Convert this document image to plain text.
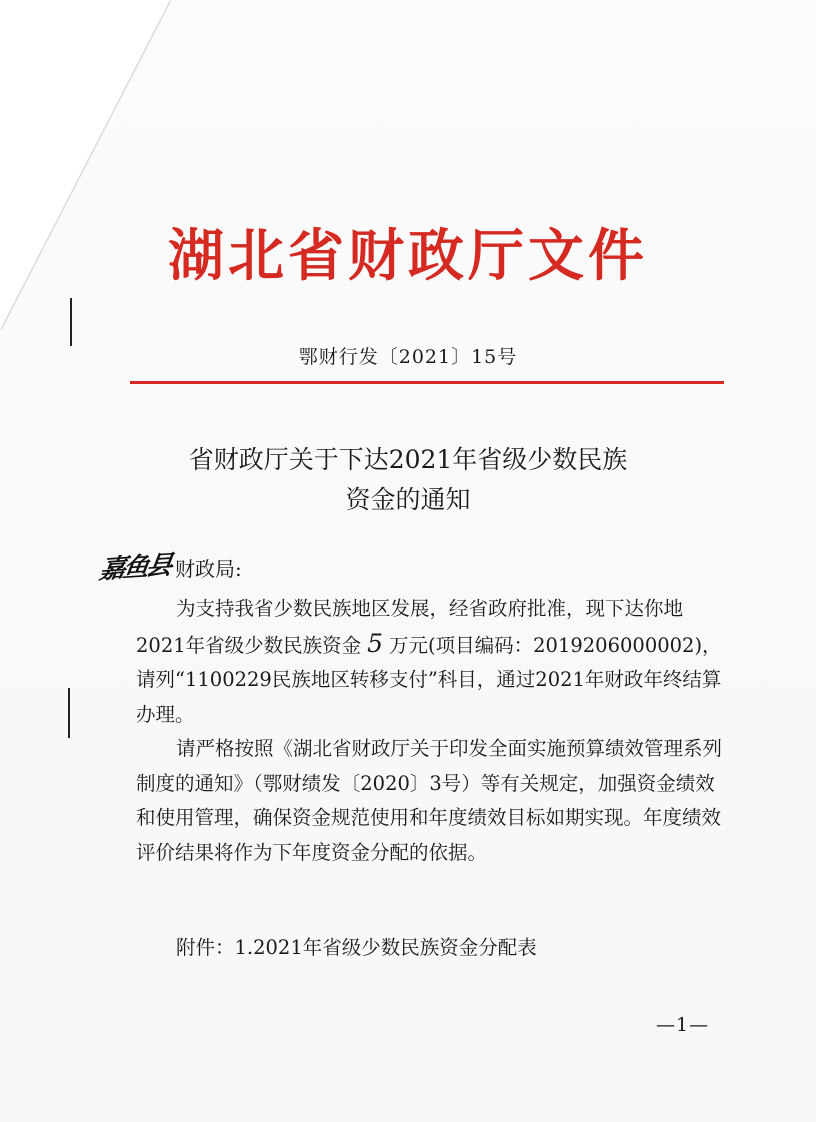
湖北省财政厅文件
鄂财行发〔2021〕15号
省财政厅关于下达2021年省级少数民族
资金的通知
嘉鱼县 财政局:

为支持我省少数民族地区发展，经省政府批准，现下达你地2021年省级少数民族资金 5 万元(项目编码：2019206000002)，请列“1100229民族地区转移支付”科目，通过2021年财政年终结算办理。

请严格按照《湖北省财政厅关于印发全面实施预算绩效管理系列制度的通知》（鄂财绩发〔2020〕3号）等有关规定，加强资金绩效和使用管理，确保资金规范使用和年度绩效目标如期实现。年度绩效评价结果将作为下年度资金分配的依据。

附件：1.2021年省级少数民族资金分配表
—1—
